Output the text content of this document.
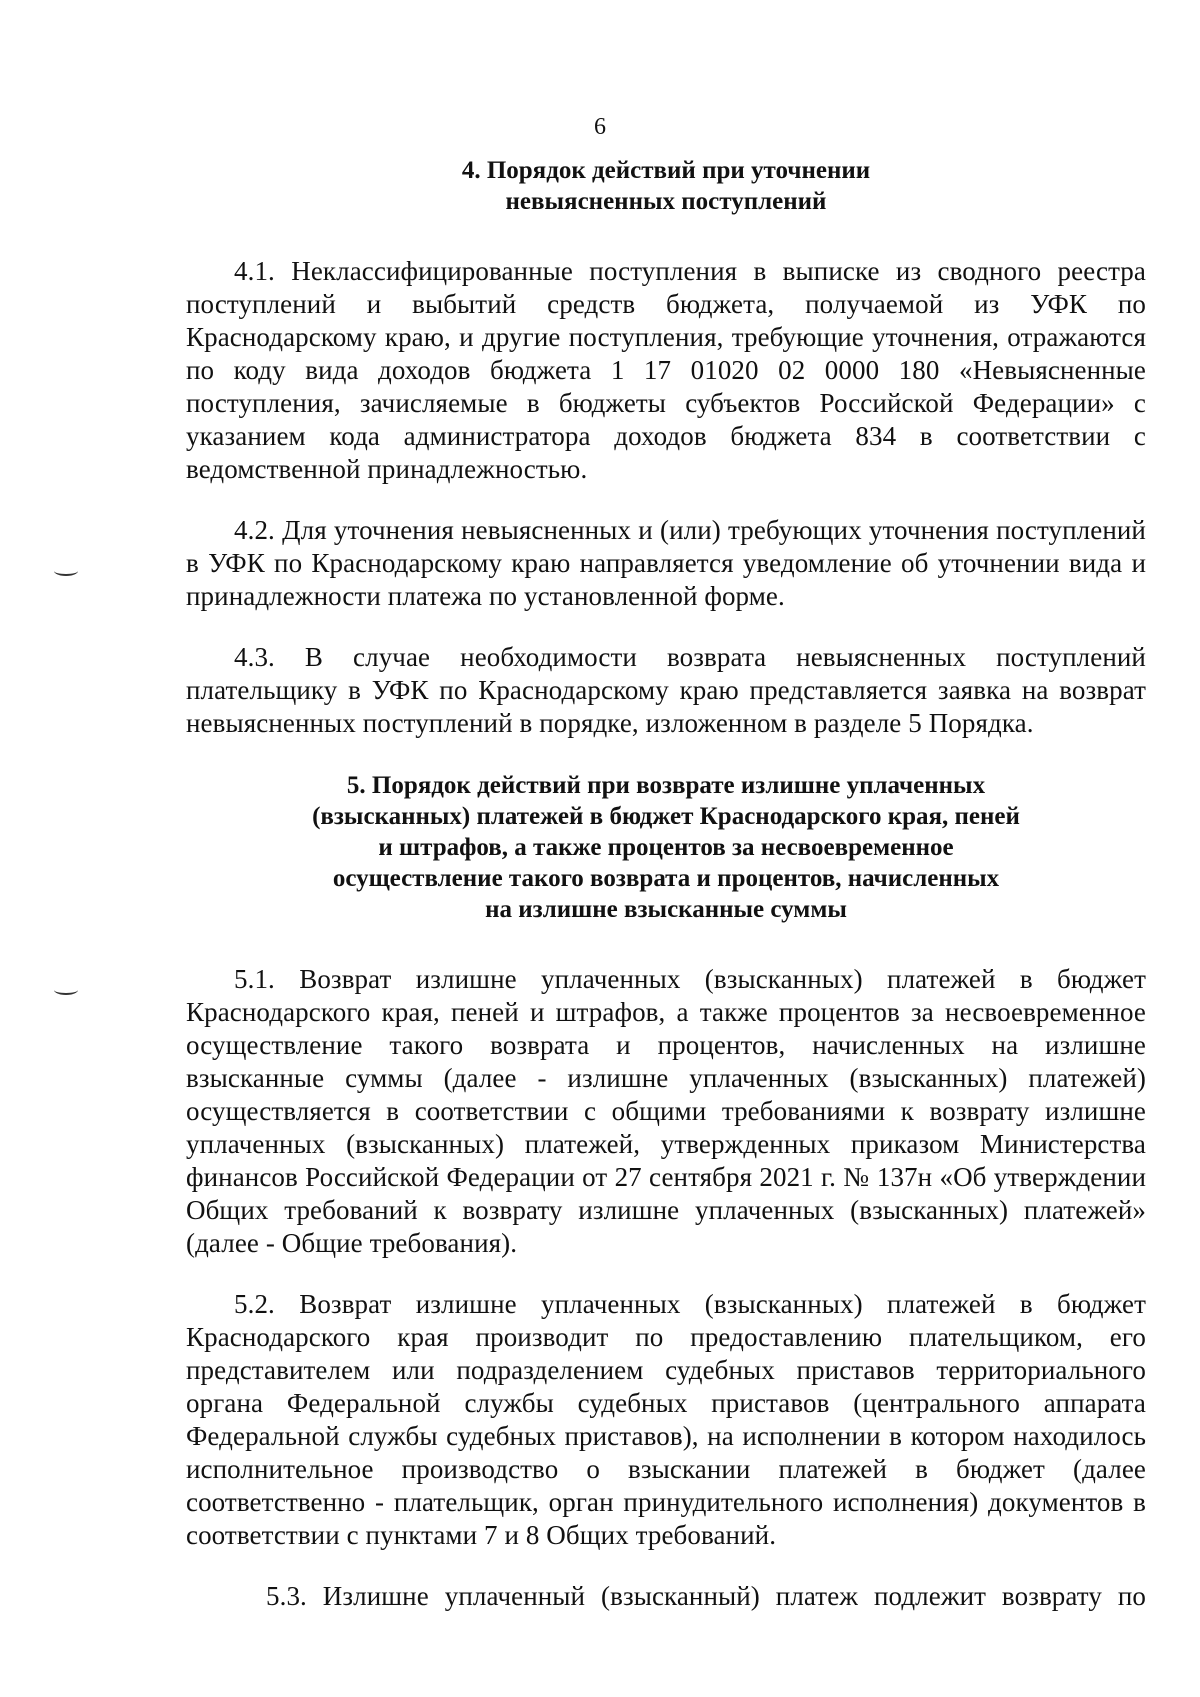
6
4. Порядок действий при уточнении
невыясненных поступлений

4.1. Неклассифицированные поступления в выписке из сводного реестра поступлений и выбытий средств бюджета, получаемой из УФК по Краснодарскому краю, и другие поступления, требующие уточнения, отражаются по коду вида доходов бюджета 1 17 01020 02 0000 180 «Невыясненные поступления, зачисляемые в бюджеты субъектов Российской Федерации» с указанием кода администратора доходов бюджета 834 в соответствии с ведомственной принадлежностью.

4.2. Для уточнения невыясненных и (или) требующих уточнения поступлений в УФК по Краснодарскому краю направляется уведомление об уточнении вида и принадлежности платежа по установленной форме.

4.3. В случае необходимости возврата невыясненных поступлений плательщику в УФК по Краснодарскому краю представляется заявка на возврат невыясненных поступлений в порядке, изложенном в разделе 5 Порядка.

5. Порядок действий при возврате излишне уплаченных
(взысканных) платежей в бюджет Краснодарского края, пеней
и штрафов, а также процентов за несвоевременное
осуществление такого возврата и процентов, начисленных
на излишне взысканные суммы

5.1. Возврат излишне уплаченных (взысканных) платежей в бюджет Краснодарского края, пеней и штрафов, а также процентов за несвоевременное осуществление такого возврата и процентов, начисленных на излишне взысканные суммы (далее - излишне уплаченных (взысканных) платежей) осуществляется в соответствии с общими требованиями к возврату излишне уплаченных (взысканных) платежей, утвержденных приказом Министерства финансов Российской Федерации от 27 сентября 2021 г. № 137н «Об утверждении Общих требований к возврату излишне уплаченных (взысканных) платежей» (далее - Общие требования).

5.2. Возврат излишне уплаченных (взысканных) платежей в бюджет Краснодарского края производит по предоставлению плательщиком, его представителем или подразделением судебных приставов территориального органа Федеральной службы судебных приставов (центрального аппарата Федеральной службы судебных приставов), на исполнении в котором находилось исполнительное производство о взыскании платежей в бюджет (далее соответственно - плательщик, орган принудительного исполнения) документов в соответствии с пунктами 7 и 8 Общих требований.

5.3. Излишне уплаченный (взысканный) платеж подлежит возврату по
